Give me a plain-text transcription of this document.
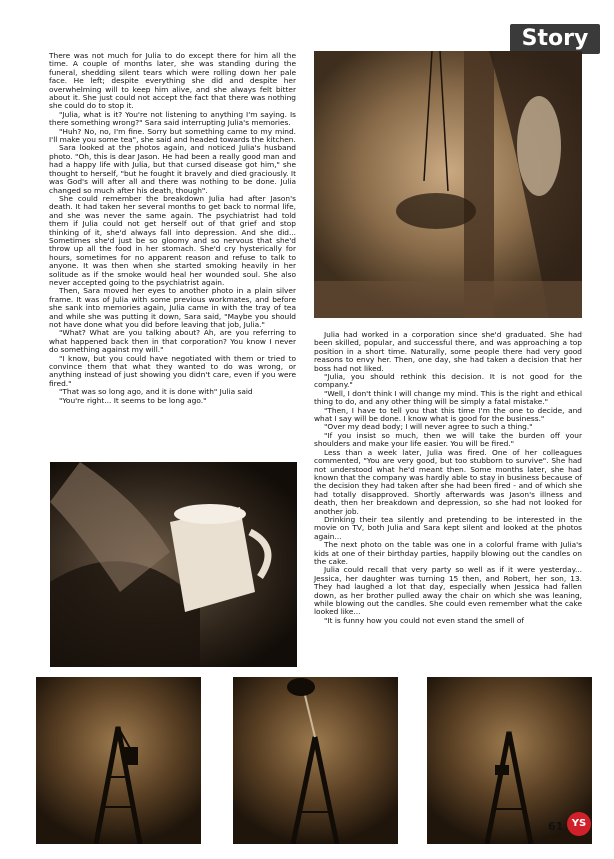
Story

There was not much for Julia to do except there for him all the time. A couple of months later, she was standing during the funeral, shedding silent tears which were rolling down her pale face. He left; despite everything she did and despite her overwhelming will to keep him alive, and she always felt bitter about it. She just could not accept the fact that there was nothing she could do to stop it.

"Julia, what is it? You're not listening to anything I'm saying. Is there something wrong?" Sara said interrupting Julia's memories.

"Huh? No, no, I'm fine. Sorry but something came to my mind. I'll make you some tea", she said and headed towards the kitchen.

Sara looked at the photos again, and noticed Julia's husband photo. "Oh, this is dear Jason. He had been a really good man and had a happy life with Julia, but that cursed disease got him," she thought to herself, "but he fought it bravely and died graciously. It was God's will after all and there was nothing to be done. Julia changed so much after his death, though".

She could remember the breakdown Julia had after Jason's death. It had taken her several months to get back to normal life, and she was never the same again. The psychiatrist had told them if Julia could not get herself out of that grief and stop thinking of it, she'd always fall into depression. And she did... Sometimes she'd just be so gloomy and so nervous that she'd throw up all the food in her stomach. She'd cry hysterically for hours, sometimes for no apparent reason and refuse to talk to anyone. It was then when she started smoking heavily in her solitude as if the smoke would heal her wounded soul. She also never accepted going to the psychiatrist again.

Then, Sara moved her eyes to another photo in a plain silver frame. It was of Julia with some previous workmates, and before she sank into memories again, Julia came in with the tray of tea and while she was putting it down, Sara said, "Maybe you should not have done what you did before leaving that job, Julia."

"What? What are you talking about? Ah, are you referring to what happened back then in that corporation? You know I never do something against my will."

"I know, but you could have negotiated with them or tried to convince them that what they wanted to do was wrong, or anything instead of just showing you didn't care, even if you were fired."

"That was so long ago, and it is done with" Julia said

"You're right... It seems to be long ago."

Julia had worked in a corporation since she'd graduated. She had been skilled, popular, and successful there, and was approaching a top position in a short time. Naturally, some people there had very good reasons to envy her. Then, one day, she had taken a decision that her boss had not liked.

"Julia, you should rethink this decision. It is not good for the company."

"Well, I don't think I will change my mind. This is the right and ethical thing to do, and any other thing will be simply a fatal mistake."

"Then, I have to tell you that this time I'm the one to decide, and what I say will be done. I know what is good for the business."

"Over my dead body; I will never agree to such a thing."

"If you insist so much, then we will take the burden off your shoulders and make your life easier. You will be fired."

Less than a week later, Julia was fired. One of her colleagues commented, "You are very good, but too stubborn to survive". She had not understood what he'd meant then. Some months later, she had known that the company was hardly able to stay in business because of the decision they had taken after she had been fired - and of which she had totally disapproved. Shortly afterwards was Jason's illness and death, then her breakdown and depression, so she had not looked for another job.

Drinking their tea silently and pretending to be interested in the movie on TV, both Julia and Sara kept silent and looked at the photos again...

The next photo on the table was one in a colorful frame with Julia's kids at one of their birthday parties, happily blowing out the candles on the cake.

Julia could recall that very party so well as if it were yesterday... Jessica, her daughter was turning 15 then, and Robert, her son, 13. They had laughed a lot that day, especially when Jessica had fallen down, as her brother pulled away the chair on which she was leaning, while blowing out the candles. She could even remember what the cake looked like...

"It is funny how you could not even stand the smell of

61 YS
